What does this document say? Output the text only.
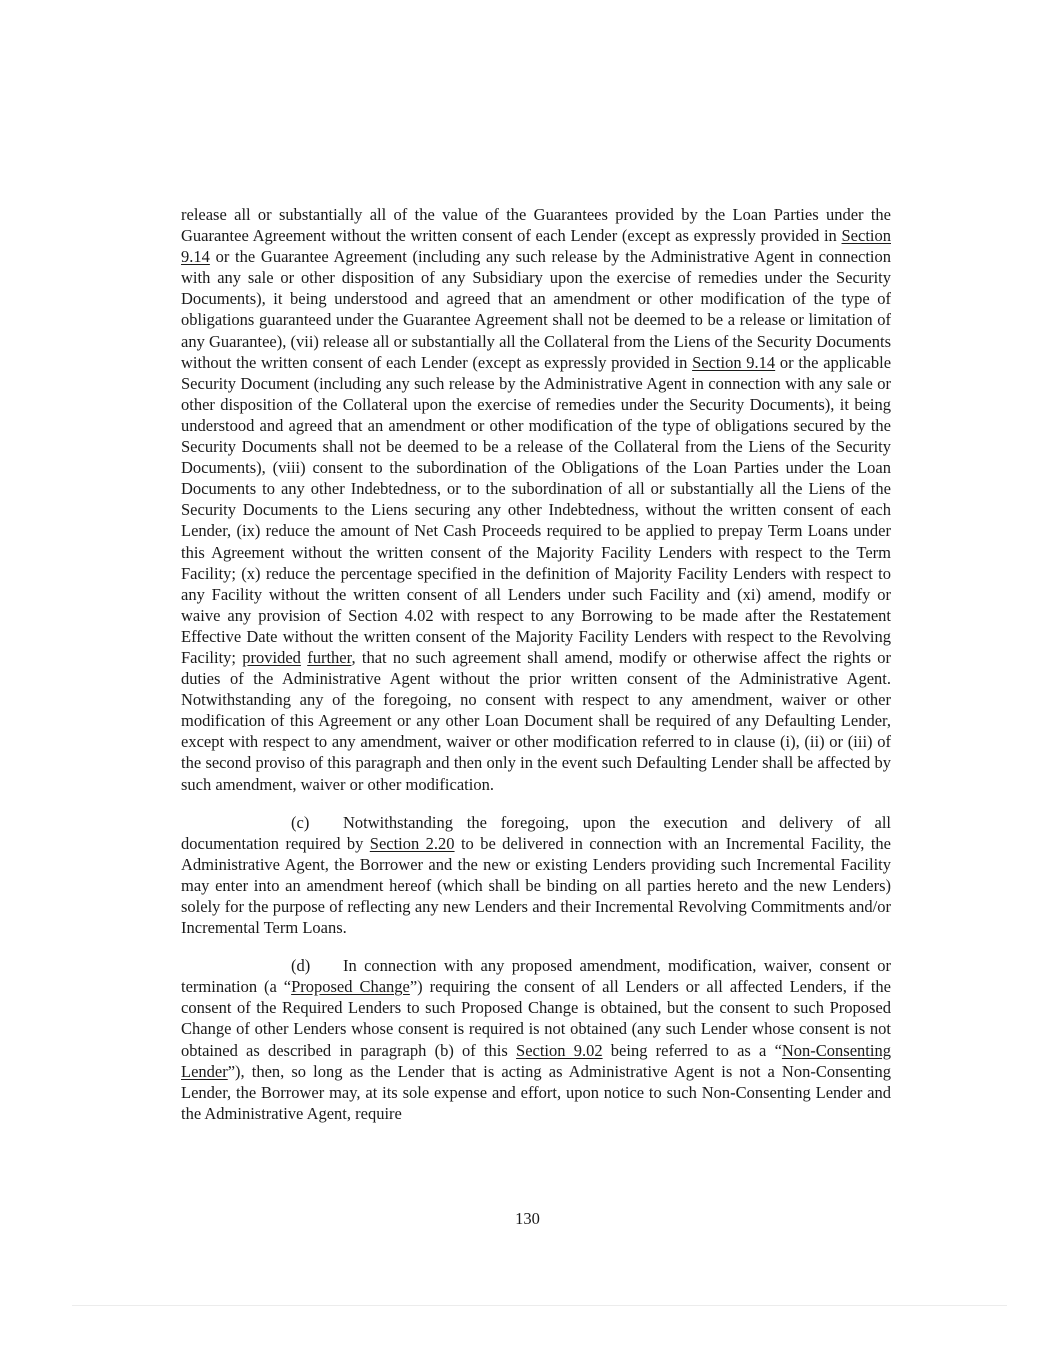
release all or substantially all of the value of the Guarantees provided by the Loan Parties under the Guarantee Agreement without the written consent of each Lender (except as expressly provided in Section 9.14 or the Guarantee Agreement (including any such release by the Administrative Agent in connection with any sale or other disposition of any Subsidiary upon the exercise of remedies under the Security Documents), it being understood and agreed that an amendment or other modification of the type of obligations guaranteed under the Guarantee Agreement shall not be deemed to be a release or limitation of any Guarantee), (vii) release all or substantially all the Collateral from the Liens of the Security Documents without the written consent of each Lender (except as expressly provided in Section 9.14 or the applicable Security Document (including any such release by the Administrative Agent in connection with any sale or other disposition of the Collateral upon the exercise of remedies under the Security Documents), it being understood and agreed that an amendment or other modification of the type of obligations secured by the Security Documents shall not be deemed to be a release of the Collateral from the Liens of the Security Documents), (viii) consent to the subordination of the Obligations of the Loan Parties under the Loan Documents to any other Indebtedness, or to the subordination of all or substantially all the Liens of the Security Documents to the Liens securing any other Indebtedness, without the written consent of each Lender, (ix) reduce the amount of Net Cash Proceeds required to be applied to prepay Term Loans under this Agreement without the written consent of the Majority Facility Lenders with respect to the Term Facility; (x) reduce the percentage specified in the definition of Majority Facility Lenders with respect to any Facility without the written consent of all Lenders under such Facility and (xi) amend, modify or waive any provision of Section 4.02 with respect to any Borrowing to be made after the Restatement Effective Date without the written consent of the Majority Facility Lenders with respect to the Revolving Facility; provided further, that no such agreement shall amend, modify or otherwise affect the rights or duties of the Administrative Agent without the prior written consent of the Administrative Agent. Notwithstanding any of the foregoing, no consent with respect to any amendment, waiver or other modification of this Agreement or any other Loan Document shall be required of any Defaulting Lender, except with respect to any amendment, waiver or other modification referred to in clause (i), (ii) or (iii) of the second proviso of this paragraph and then only in the event such Defaulting Lender shall be affected by such amendment, waiver or other modification.

(c) Notwithstanding the foregoing, upon the execution and delivery of all documentation required by Section 2.20 to be delivered in connection with an Incremental Facility, the Administrative Agent, the Borrower and the new or existing Lenders providing such Incremental Facility may enter into an amendment hereof (which shall be binding on all parties hereto and the new Lenders) solely for the purpose of reflecting any new Lenders and their Incremental Revolving Commitments and/or Incremental Term Loans.

(d) In connection with any proposed amendment, modification, waiver, consent or termination (a “Proposed Change”) requiring the consent of all Lenders or all affected Lenders, if the consent of the Required Lenders to such Proposed Change is obtained, but the consent to such Proposed Change of other Lenders whose consent is required is not obtained (any such Lender whose consent is not obtained as described in paragraph (b) of this Section 9.02 being referred to as a “Non-Consenting Lender”), then, so long as the Lender that is acting as Administrative Agent is not a Non-Consenting Lender, the Borrower may, at its sole expense and effort, upon notice to such Non-Consenting Lender and the Administrative Agent, require

130
